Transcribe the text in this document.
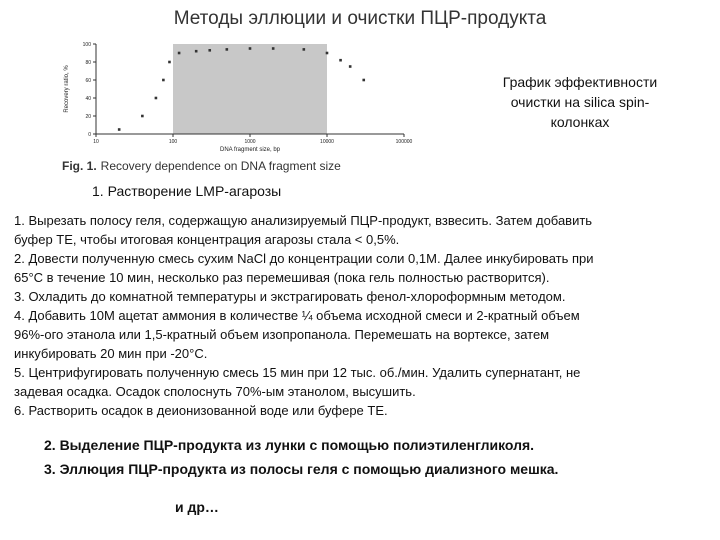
Методы эллюции и очистки ПЦР-продукта
0
20
40
60
80
100
10	100	1000	10000	100000
DNA fragment size, bp
Recovery ratio, %
Fig. 1. Recovery dependence on DNA fragment size
График эффективности
очистки на silica spin-
колонках
1. Растворение LMP-агарозы
1. Вырезать полосу геля, содержащую анализируемый ПЦР-продукт, взвесить. Затем добавить
буфер ТЕ, чтобы итоговая концентрация агарозы стала < 0,5%.
2. Довести полученную смесь сухим NaCl до концентрации соли 0,1М. Далее инкубировать при
65°С в течение 10 мин, несколько раз перемешивая (пока гель полностью растворится).
3. Охладить до комнатной температуры и экстрагировать фенол-хлороформным методом.
4. Добавить 10М ацетат аммония в количестве ¼ объема исходной смеси и 2-кратный объем
96%-ого этанола или 1,5-кратный объем изопропанола. Перемешать на вортексе, затем
инкубировать 20 мин при -20°С.
5. Центрифугировать полученную смесь 15 мин при 12 тыс. об./мин. Удалить супернатант, не
задевая осадка. Осадок сполоснуть 70%-ым этанолом, высушить.
6. Растворить осадок в деионизованной воде или буфере ТЕ.
2. Выделение ПЦР-продукта из лунки с помощью полиэтиленгликоля.
3. Эллюция ПЦР-продукта из полосы геля с помощью диализного мешка.
и др…
